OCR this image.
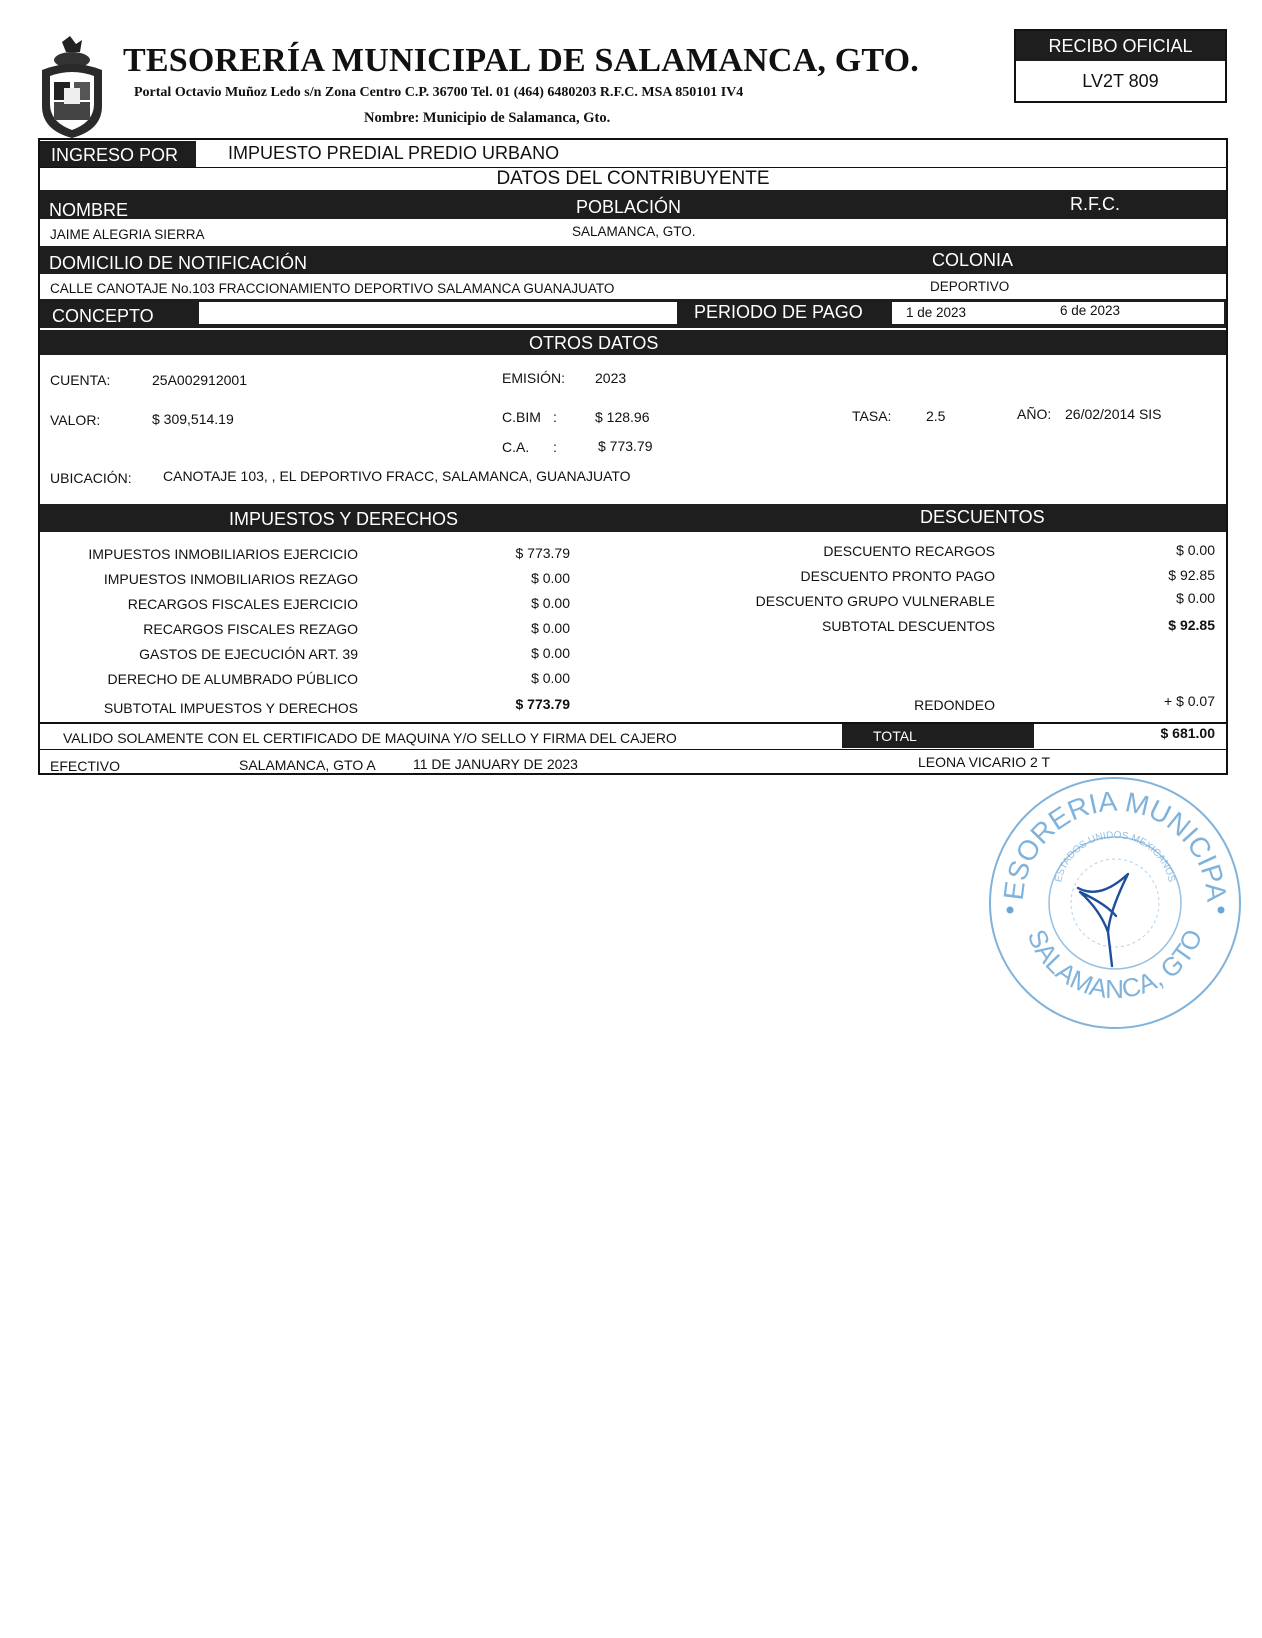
TESORERÍA MUNICIPAL DE SALAMANCA, GTO.
Portal Octavio Muñoz Ledo s/n Zona Centro C.P. 36700 Tel. 01 (464) 6480203 R.F.C. MSA 850101 IV4
Nombre: Municipio de Salamanca, Gto.
RECIBO OFICIAL
LV2T 809
INGRESO POR	IMPUESTO PREDIAL PREDIO URBANO
DATOS DEL CONTRIBUYENTE
NOMBRE	POBLACIÓN	R.F.C.
JAIME ALEGRIA SIERRA	SALAMANCA, GTO.
DOMICILIO DE NOTIFICACIÓN	COLONIA
CALLE CANOTAJE No.103 FRACCIONAMIENTO DEPORTIVO SALAMANCA GUANAJUATO	DEPORTIVO
CONCEPTO	PERIODO DE PAGO	1 de 2023	6 de 2023
OTROS DATOS
CUENTA:	25A002912001	EMISIÓN: 2023
VALOR:	$ 309,514.19	C.BIM :	$ 128.96	TASA: 2.5	AÑO: 26/02/2014 SIS
C.A. :	$ 773.79
UBICACIÓN: CANOTAJE 103, , EL DEPORTIVO FRACC, SALAMANCA, GUANAJUATO
IMPUESTOS Y DERECHOS	DESCUENTOS
IMPUESTOS INMOBILIARIOS EJERCICIO	$ 773.79
IMPUESTOS INMOBILIARIOS REZAGO	$ 0.00
RECARGOS FISCALES EJERCICIO	$ 0.00
RECARGOS FISCALES REZAGO	$ 0.00
GASTOS DE EJECUCIÓN ART. 39	$ 0.00
DERECHO DE ALUMBRADO PÚBLICO	$ 0.00
SUBTOTAL IMPUESTOS Y DERECHOS	$ 773.79
DESCUENTO RECARGOS	$ 0.00
DESCUENTO PRONTO PAGO	$ 92.85
DESCUENTO GRUPO VULNERABLE	$ 0.00
SUBTOTAL DESCUENTOS	$ 92.85
REDONDEO	+ $ 0.07
VALIDO SOLAMENTE CON EL CERTIFICADO DE MAQUINA Y/O SELLO Y FIRMA DEL CAJERO	TOTAL	$ 681.00
EFECTIVO	SALAMANCA, GTO A	11 DE JANUARY DE 2023	LEONA VICARIO 2 T
ESORERIA MUNICIPA
SALAMANCA, GTO
ESTADOS UNIDOS MEXICANOS
